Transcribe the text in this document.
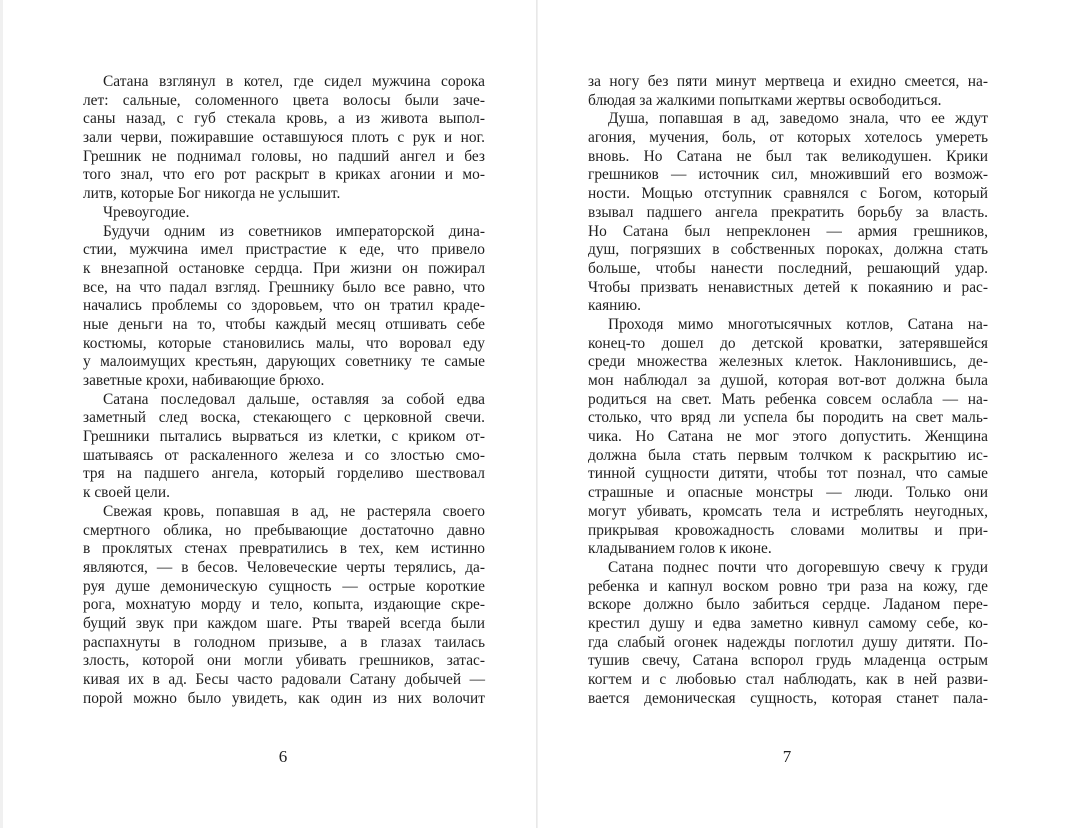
Сатана взглянул в котел, где сидел мужчина сорока
лет: сальные, соломенного цвета волосы были заче-
саны назад, с губ стекала кровь, а из живота выпол-
зали черви, пожиравшие оставшуюся плоть с рук и ног.
Грешник не поднимал головы, но падший ангел и без
того знал, что его рот раскрыт в криках агонии и мо-
литв, которые Бог никогда не услышит.
Чревоугодие.
Будучи одним из советников императорской дина-
стии, мужчина имел пристрастие к еде, что привело
к внезапной остановке сердца. При жизни он пожирал
все, на что падал взгляд. Грешнику было все равно, что
начались проблемы со здоровьем, что он тратил краде-
ные деньги на то, чтобы каждый месяц отшивать себе
костюмы, которые становились малы, что воровал еду
у малоимущих крестьян, дарующих советнику те самые
заветные крохи, набивающие брюхо.
Сатана последовал дальше, оставляя за собой едва
заметный след воска, стекающего с церковной свечи.
Грешники пытались вырваться из клетки, с криком от-
шатываясь от раскаленного железа и со злостью смо-
тря на падшего ангела, который горделиво шествовал
к своей цели.
Свежая кровь, попавшая в ад, не растеряла своего
смертного облика, но пребывающие достаточно давно
в проклятых стенах превратились в тех, кем истинно
являются, — в бесов. Человеческие черты терялись, да-
руя душе демоническую сущность — острые короткие
рога, мохнатую морду и тело, копыта, издающие скре-
бущий звук при каждом шаге. Рты тварей всегда были
распахнуты в голодном призыве, а в глазах таилась
злость, которой они могли убивать грешников, затас-
кивая их в ад. Бесы часто радовали Сатану добычей —
порой можно было увидеть, как один из них волочит
6
за ногу без пяти минут мертвеца и ехидно смеется, на-
блюдая за жалкими попытками жертвы освободиться.
Душа, попавшая в ад, заведомо знала, что ее ждут
агония, мучения, боль, от которых хотелось умереть
вновь. Но Сатана не был так великодушен. Крики
грешников — источник сил, множивший его возмож-
ности. Мощью отступник сравнялся с Богом, который
взывал падшего ангела прекратить борьбу за власть.
Но Сатана был непреклонен — армия грешников,
душ, погрязших в собственных пороках, должна стать
больше, чтобы нанести последний, решающий удар.
Чтобы призвать ненавистных детей к покаянию и рас-
каянию.
Проходя мимо многотысячных котлов, Сатана на-
конец-то дошел до детской кроватки, затерявшейся
среди множества железных клеток. Наклонившись, де-
мон наблюдал за душой, которая вот-вот должна была
родиться на свет. Мать ребенка совсем ослабла — на-
столько, что вряд ли успела бы породить на свет маль-
чика. Но Сатана не мог этого допустить. Женщина
должна была стать первым толчком к раскрытию ис-
тинной сущности дитяти, чтобы тот познал, что самые
страшные и опасные монстры — люди. Только они
могут убивать, кромсать тела и истреблять неугодных,
прикрывая кровожадность словами молитвы и при-
кладыванием голов к иконе.
Сатана поднес почти что догоревшую свечу к груди
ребенка и капнул воском ровно три раза на кожу, где
вскоре должно было забиться сердце. Ладаном пере-
крестил душу и едва заметно кивнул самому себе, ко-
гда слабый огонек надежды поглотил душу дитяти. По-
тушив свечу, Сатана вспорол грудь младенца острым
когтем и с любовью стал наблюдать, как в ней разви-
вается демоническая сущность, которая станет пала-
7
